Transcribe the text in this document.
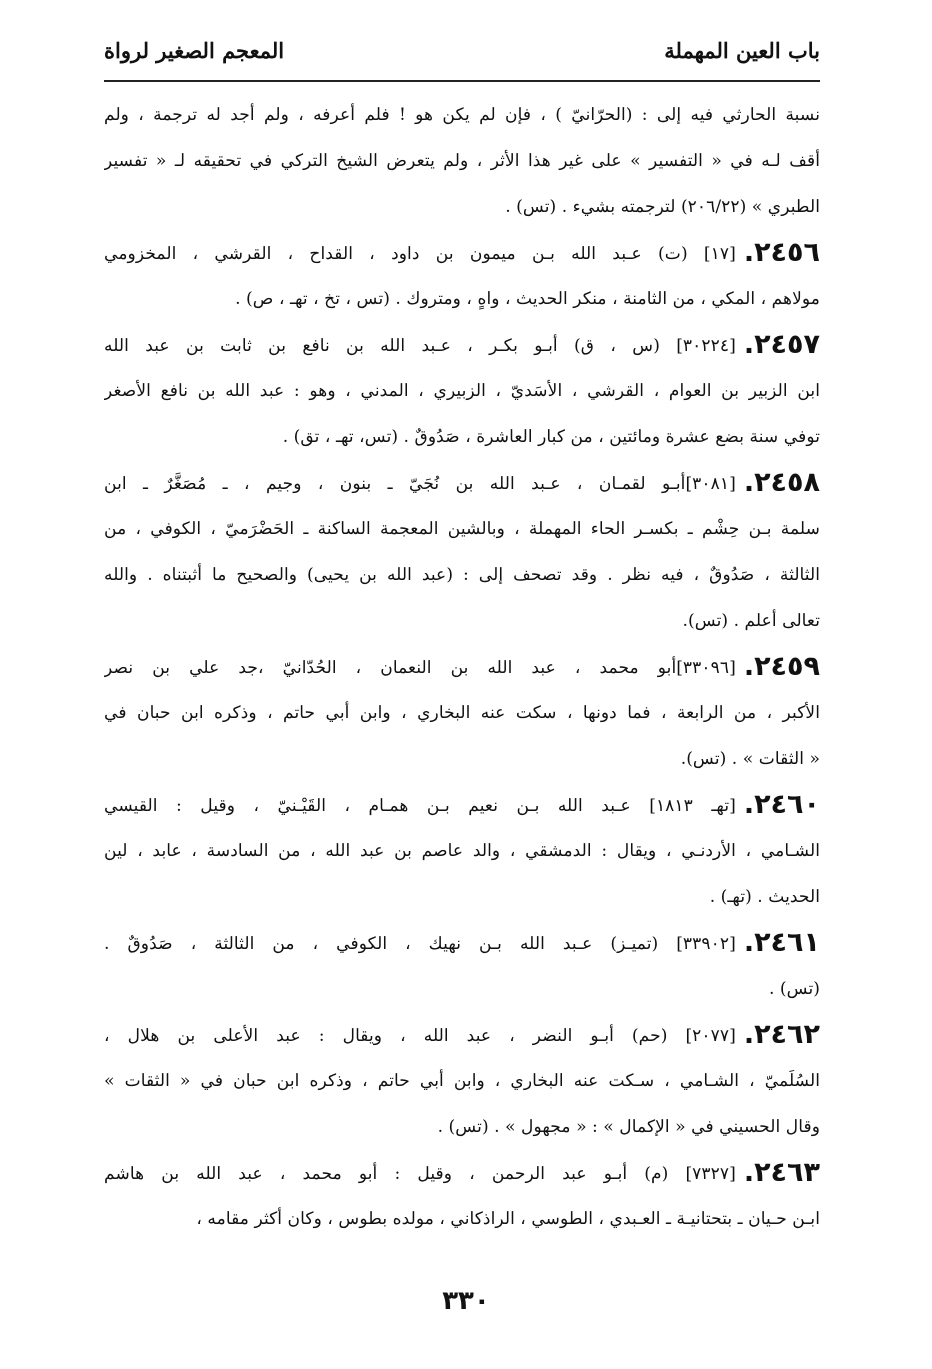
باب العين المهملة
المعجم الصغير لرواة

نسبة الحارثي فيه إلى : (الحرّانيّ ) ، فإن لم يكن هو ! فلم أعرفه ، ولم أجد له ترجمة ، ولم

أقف لـه في « التفسير » على غير هذا الأثر ، ولم يتعرض الشيخ التركي في تحقيقه لـ « تفسير

الطبري » (٢٠٦/٢٢) لترجمته بشيء . (تس) .

٢٤٥٦.[١٧] (ت) عـبد الله بـن ميمون بن داود ، القداح ، القرشي ، المخزومي

مولاهم ، المكي ، من الثامنة ، منكر الحديث ، واهٍ ، ومتروك . (تس ، تخ ، تهـ ، ص) .

٢٤٥٧.[٣٠٢٢٤] (س ، ق) أبـو بكـر ، عـبد الله بن نافع بن ثابت بن عبد الله

ابن الزبير بن العوام ، القرشي ، الأسَديّ ، الزبيري ، المدني ، وهو : عبد الله بن نافع الأصغر

توفي سنة بضع عشرة ومائتين ، من كبار العاشرة ، صَدُوقٌ . (تس، تهـ ، تق) .

٢٤٥٨.[٣٠٨١]أبـو لقمـان ، عـبد الله بن نُجَيّ ـ بنون ، وجيم ، ـ مُصَغَّرٌ ـ ابن

سلمة بـن حِشْم ـ بكسـر الحاء المهملة ، وبالشين المعجمة الساكنة ـ الحَضْرَميّ ، الكوفي ، من

الثالثة ، صَدُوقٌ ، فيه نظر . وقد تصحف إلى : (عبد الله بن يحيى) والصحيح ما أثبتناه . والله

تعالى أعلم . (تس).

٢٤٥٩.[٣٣٠٩٦]أبو محمد ، عبد الله بن النعمان ، الحُدّانيّ ،جد علي بن نصر

الأكبر ، من الرابعة ، فما دونها ، سكت عنه البخاري ، وابن أبي حاتم ، وذكره ابن حبان في

« الثقات » . (تس).

٢٤٦٠.[تهـ ١٨١٣] عـبد الله بـن نعيم بـن همـام ، القَيْـنيّ ، وقيل : القيسي

الشـامي ، الأردنـي ، ويقال : الدمشقي ، والد عاصم بن عبد الله ، من السادسة ، عابد ، لين

الحديث . (تهـ) .

٢٤٦١.[٣٣٩٠٢] (تميـز) عـبد الله بـن نهيك ، الكوفي ، من الثالثة ، صَدُوقٌ .

(تس) .

٢٤٦٢.[٢٠٧٧] (حم) أبـو النضر ، عبد الله ، ويقال : عبد الأعلى بن هلال ،

السُلَميّ ، الشـامي ، سـكت عنه البخاري ، وابن أبي حاتم ، وذكره ابن حبان في « الثقات »

وقال الحسيني في « الإكمال » : « مجهول » . (تس) .

٢٤٦٣.[٧٣٢٧] (م) أبـو عبد الرحمن ، وقيل : أبو محمد ، عبد الله بن هاشم

ابـن حـيان ـ بتحتانيـة ـ العـبدي ، الطوسي ، الراذكاني ، مولده بطوس ، وكان أكثر مقامه ،

٣٣٠
